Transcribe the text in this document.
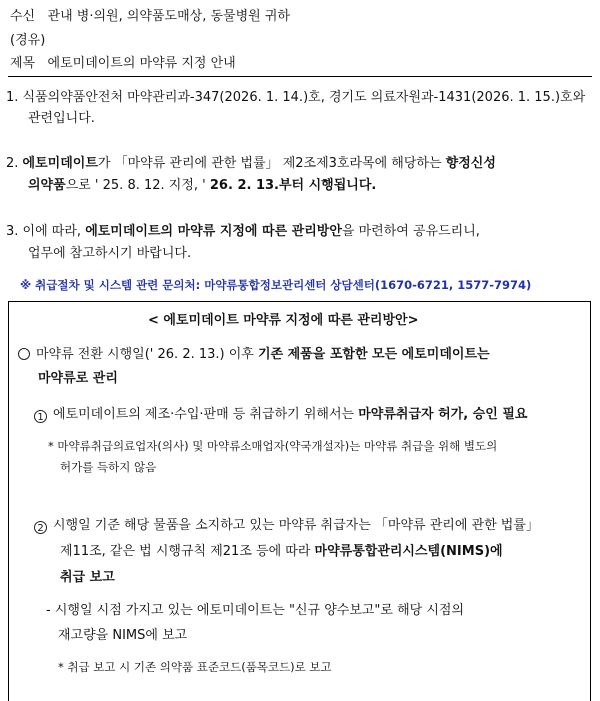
수신 관내 병·의원, 의약품도매상, 동물병원 귀하
(경유)
제목 에토미데이트의 마약류 지정 안내
1. 식품의약품안전처 마약관리과-347(2026. 1. 14.)호, 경기도 의료자원과-1431(2026. 1. 15.)호와
관련입니다.
2. 에토미데이트가 「마약류 관리에 관한 법률」 제2조제3호라목에 해당하는 향정신성
의약품으로 ' 25. 8. 12. 지정, ' 26. 2. 13.부터 시행됩니다.
3. 이에 따라, 에토미데이트의 마약류 지정에 따른 관리방안을 마련하여 공유드리니,
업무에 참고하시기 바랍니다.
※ 취급절차 및 시스템 관련 문의처: 마약류통합정보관리센터 상담센터(1670-6721, 1577-7974)
< 에토미데이트 마약류 지정에 따른 관리방안>
마약류 전환 시행일(' 26. 2. 13.) 이후 기존 제품을 포함한 모든 에토미데이트는
마약류로 관리
1 에토미데이트의 제조·수입·판매 등 취급하기 위해서는 마약류취급자 허가, 승인 필요
* 마약류취급의료업자(의사) 및 마약류소매업자(약국개설자)는 마약류 취급을 위해 별도의
허가를 득하지 않음
2 시행일 기준 해당 물품을 소지하고 있는 마약류 취급자는 「마약류 관리에 관한 법률」
제11조, 같은 법 시행규칙 제21조 등에 따라 마약류통합관리시스템(NIMS)에
취급 보고
- 시행일 시점 가지고 있는 에토미데이트는 "신규 양수보고"로 해당 시점의
재고량을 NIMS에 보고
* 취급 보고 시 기존 의약품 표준코드(품목코드)로 보고
